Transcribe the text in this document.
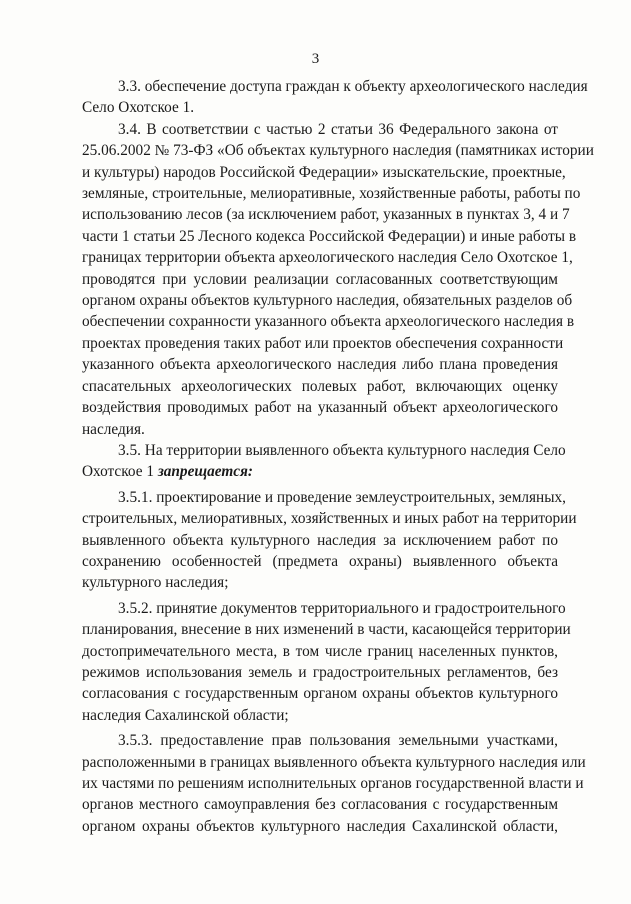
3

3.3. обеспечение доступа граждан к объекту археологического наследия
Село Охотское 1.

3.4. В соответствии с частью 2 статьи 36 Федерального закона от
25.06.2002 № 73-ФЗ «Об объектах культурного наследия (памятниках истории
и культуры) народов Российской Федерации» изыскательские, проектные,
земляные, строительные, мелиоративные, хозяйственные работы, работы по
использованию лесов (за исключением работ, указанных в пунктах 3, 4 и 7
части 1 статьи 25 Лесного кодекса Российской Федерации) и иные работы в
границах территории объекта археологического наследия Село Охотское 1,
проводятся при условии реализации согласованных соответствующим
органом охраны объектов культурного наследия, обязательных разделов об
обеспечении сохранности указанного объекта археологического наследия в
проектах проведения таких работ или проектов обеспечения сохранности
указанного объекта археологического наследия либо плана проведения
спасательных археологических полевых работ, включающих оценку
воздействия проводимых работ на указанный объект археологического
наследия.

3.5. На территории выявленного объекта культурного наследия Село
Охотское 1 запрещается:

3.5.1. проектирование и проведение землеустроительных, земляных,
строительных, мелиоративных, хозяйственных и иных работ на территории
выявленного объекта культурного наследия за исключением работ по
сохранению особенностей (предмета охраны) выявленного объекта
культурного наследия;

3.5.2. принятие документов территориального и градостроительного
планирования, внесение в них изменений в части, касающейся территории
достопримечательного места, в том числе границ населенных пунктов,
режимов использования земель и градостроительных регламентов, без
согласования с государственным органом охраны объектов культурного
наследия Сахалинской области;

3.5.3. предоставление прав пользования земельными участками,
расположенными в границах выявленного объекта культурного наследия или
их частями по решениям исполнительных органов государственной власти и
органов местного самоуправления без согласования с государственным
органом охраны объектов культурного наследия Сахалинской области,
